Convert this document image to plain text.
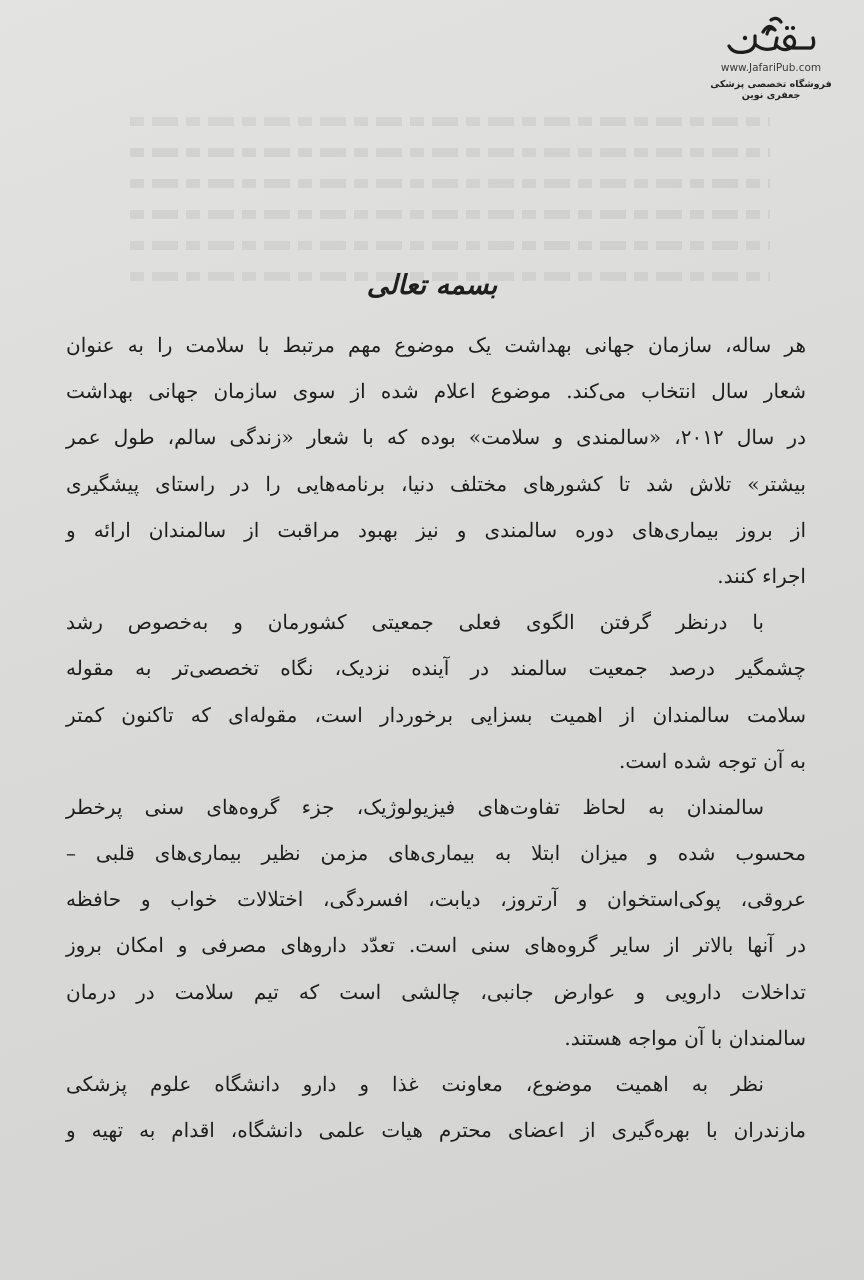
www.JafariPub.com
فروشگاه تخصصی پزشکی جعفری نوین
بسمه تعالی
هر ساله، سازمان جهانی بهداشت یک موضوع مهم مرتبط با سلامت را به عنوان
شعار سال انتخاب می‌کند. موضوع اعلام شده از سوی سازمان جهانی بهداشت
در سال ۲۰۱۲، «سالمندی و سلامت» بوده که با شعار «زندگی سالم، طول عمر
بیشتر» تلاش شد تا کشورهای مختلف دنیا، برنامه‌هایی را در راستای پیشگیری
از بروز بیماری‌های دوره سالمندی و نیز بهبود مراقبت از سالمندان ارائه و
اجراء کنند.
با درنظر گرفتن الگوی فعلی جمعیتی کشورمان و به‌خصوص رشد
چشمگیر درصد جمعیت سالمند در آینده نزدیک، نگاه تخصصی‌تر به مقوله
سلامت سالمندان از اهمیت بسزایی برخوردار است، مقوله‌ای که تاکنون کمتر
به آن توجه شده است.
سالمندان به لحاظ تفاوت‌های فیزیولوژیک، جزء گروه‌های سنی پرخطر
محسوب شده و میزان ابتلا به بیماری‌های مزمن نظیر بیماری‌های قلبی –
عروقی، پوکی‌استخوان و آرتروز، دیابت، افسردگی، اختلالات خواب و حافظه
در آنها بالاتر از سایر گروه‌های سنی است. تعدّد داروهای مصرفی و امکان بروز
تداخلات دارویی و عوارض جانبی، چالشی است که تیم سلامت در درمان
سالمندان با آن مواجه هستند.
نظر به اهمیت موضوع، معاونت غذا و دارو دانشگاه علوم پزشکی
مازندران با بهره‌گیری از اعضای محترم هیات علمی دانشگاه، اقدام به تهیه و
